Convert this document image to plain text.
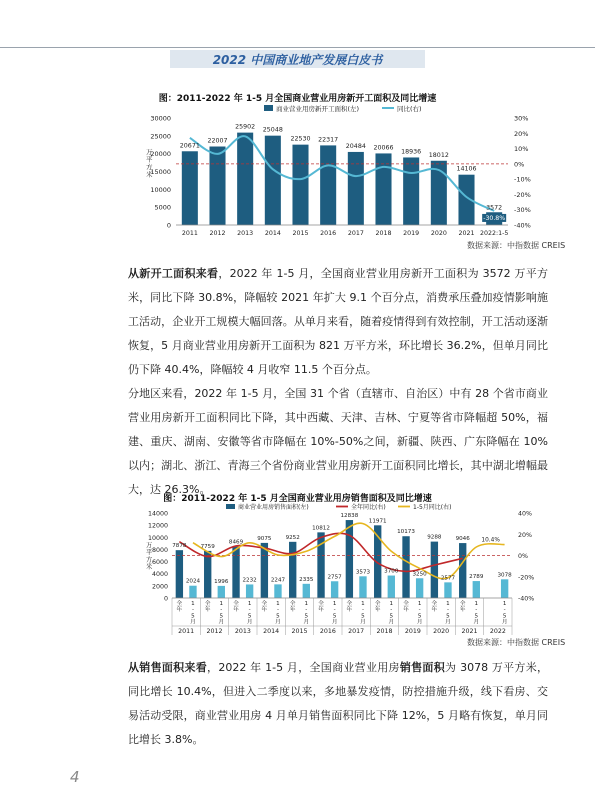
2022 中国商业地产发展白皮书
图：2011-2022 年 1-5 月全国商业营业用房新开工面积及同比增速
商业营业用房新开工面积(左)	同比(右)
0
5000
10000
15000
20000
25000
30000
-40%
-30%
-20%
-10%
0%
10%
20%
30%
万平方米
20671
22007
25902 25048
22530 22317
20484 20066
18936 18012
14106
3572
-30.8%
2011 2012 2013 2014 2015 2016 2017 2018 2019 2020 2021 2022:1-5
数据来源：中指数据 CREIS

从新开工面积来看，2022 年 1-5 月，全国商业营业用房新开工面积为 3572 万平方米，同比下降 30.8%，降幅较 2021 年扩大 9.1 个百分点，消费承压叠加疫情影响施工活动，企业开工规模大幅回落。从单月来看，随着疫情得到有效控制，开工活动逐渐恢复，5 月商业营业用房新开工面积为 821 万平方米，环比增长 36.2%，但单月同比仍下降 40.4%，降幅较 4 月收窄 11.5 个百分点。

分地区来看，2022 年 1-5 月，全国 31 个省（直辖市、自治区）中有 28 个省市商业营业用房新开工面积同比下降，其中西藏、天津、吉林、宁夏等省市降幅超 50%，福建、重庆、湖南、安徽等省市降幅在 10%-50%之间，新疆、陕西、广东降幅在 10%以内；湖北、浙江、青海三个省份商业营业用房新开工面积同比增长，其中湖北增幅最大，达 26.3%。

图：2011-2022 年 1-5 月全国商业营业用房销售面积及同比增速
商业营业用房销售面积(左)	全年同比(右)	1-5月同比(右)
0
2000
4000
6000
8000
10000
12000
14000
-40%
-20%
0%
20%
40%
万平方米
7878	7759
8469
9075	9252
10812
12838
11971
10173
9288	9046
2024	1996	2232	2247	2335	2757
3573	3700	3250
2577	2789	3078
10.4%
全年
1 -5 月
2011
全年
1 -5 月
2012
全年
1 -5 月
2013
全年
1 -5 月
2014
全年
1 -5 月
2015
全年
1 -5 月
2016
全年
1 -5 月
2017
全年
1 -5 月
2018
全年
1 -5 月
2019
全年
1 -5 月
2020
全年
1 -5 月
2021
1 -5 月
2022
数据来源：中指数据 CREIS

从销售面积来看，2022 年 1-5 月，全国商业营业用房销售面积为 3078 万平方米，同比增长 10.4%，但进入二季度以来，多地暴发疫情，防控措施升级，线下看房、交易活动受限，商业营业用房 4 月单月销售面积同比下降 12%，5 月略有恢复，单月同比增长 3.8%。

4
